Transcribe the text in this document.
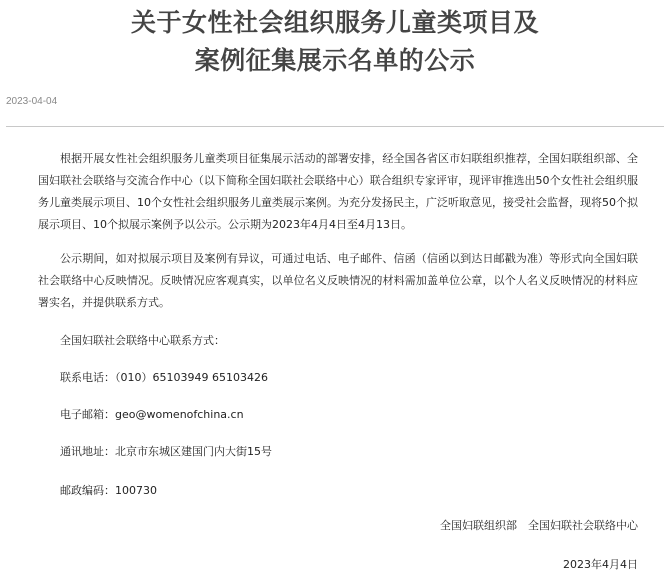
关于女性社会组织服务儿童类项目及
案例征集展示名单的公示
2023-04-04
根据开展女性社会组织服务儿童类项目征集展示活动的部署安排，经全国各省区市妇联组织推荐，全国妇联组织部、全国妇联社会联络与交流合作中心（以下简称全国妇联社会联络中心）联合组织专家评审，现评审推选出50个女性社会组织服务儿童类展示项目、10个女性社会组织服务儿童类展示案例。为充分发扬民主，广泛听取意见，接受社会监督，现将50个拟展示项目、10个拟展示案例予以公示。公示期为2023年4月4日至4月13日。
公示期间，如对拟展示项目及案例有异议，可通过电话、电子邮件、信函（信函以到达日邮戳为准）等形式向全国妇联社会联络中心反映情况。反映情况应客观真实，以单位名义反映情况的材料需加盖单位公章，以个人名义反映情况的材料应署实名，并提供联系方式。
全国妇联社会联络中心联系方式：
联系电话：（010）65103949 65103426
电子邮箱：geo@womenofchina.cn
通讯地址：北京市东城区建国门内大街15号
邮政编码：100730
全国妇联组织部　全国妇联社会联络中心
2023年4月4日
